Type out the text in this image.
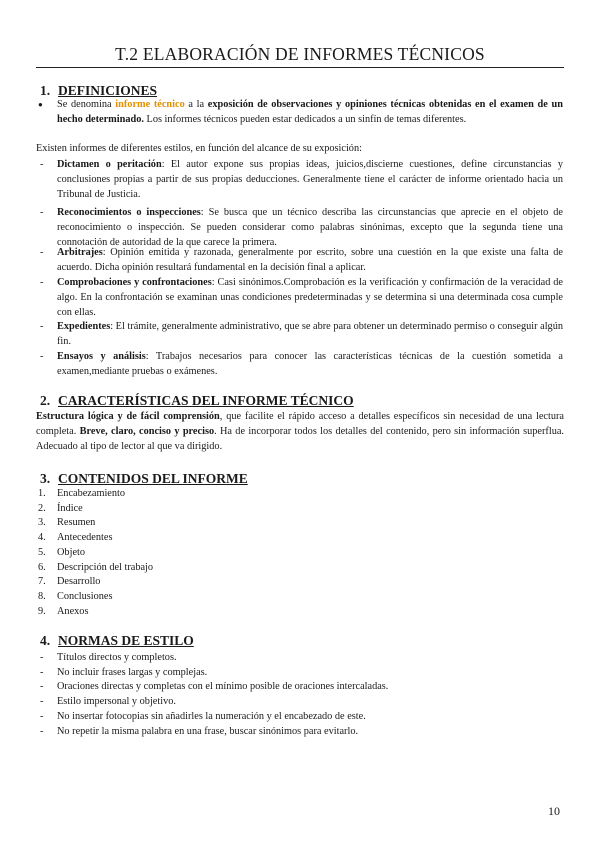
T.2 ELABORACIÓN DE INFORMES TÉCNICOS
1. DEFINICIONES
● Se denomina informe técnico a la exposición de observaciones y opiniones técnicas obtenidas en el examen de un hecho determinado. Los informes técnicos pueden estar dedicados a un sinfín de temas diferentes.
Existen informes de diferentes estilos, en función del alcance de su exposición:
- Dictamen o peritación: El autor expone sus propias ideas, juicios,discierne cuestiones, define circunstancias y conclusiones propias a partir de sus propias deducciones. Generalmente tiene el carácter de informe orientado hacia un Tribunal de Justicia.
- Reconocimientos o inspecciones: Se busca que un técnico describa las circunstancias que aprecie en el objeto de reconocimiento o inspección. Se pueden considerar como palabras sinónimas, excepto que la segunda tiene una connotación de autoridad de la que carece la primera.
- Arbitrajes: Opinión emitida y razonada, generalmente por escrito, sobre una cuestión en la que existe una falta de acuerdo. Dicha opinión resultará fundamental en la decisión final a aplicar.
- Comprobaciones y confrontaciones: Casi sinónimos.Comprobación es la verificación y confirmación de la veracidad de algo. En la confrontación se examinan unas condiciones predeterminadas y se determina si una determinada cosa cumple con ellas.
- Expedientes: El trámite, generalmente administrativo, que se abre para obtener un determinado permiso o conseguir algún fin.
- Ensayos y análisis: Trabajos necesarios para conocer las características técnicas de la cuestión sometida a examen,mediante pruebas o exámenes.
2. CARACTERÍSTICAS DEL INFORME TÉCNICO
Estructura lógica y de fácil comprensión, que facilite el rápido acceso a detalles específicos sin necesidad de una lectura completa. Breve, claro, conciso y preciso. Ha de incorporar todos los detalles del contenido, pero sin información superflua. Adecuado al tipo de lector al que va dirigido.
3. CONTENIDOS DEL INFORME
1. Encabezamiento
2. Índice
3. Resumen
4. Antecedentes
5. Objeto
6. Descripción del trabajo
7. Desarrollo
8. Conclusiones
9. Anexos
4. NORMAS DE ESTILO
- Títulos directos y completos.
- No incluir frases largas y complejas.
- Oraciones directas y completas con el mínimo posible de oraciones intercaladas.
- Estilo impersonal y objetivo.
- No insertar fotocopias sin añadirles la numeración y el encabezado de este.
- No repetir la misma palabra en una frase, buscar sinónimos para evitarlo.
10
